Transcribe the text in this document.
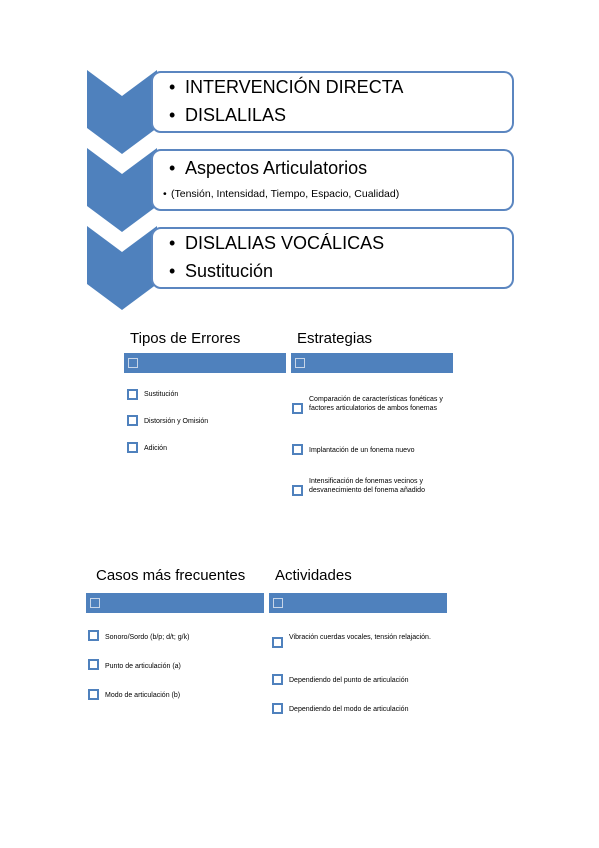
• INTERVENCIÓN DIRECTA
• DISLALILAS
• Aspectos Articulatorios
• (Tensión, Intensidad, Tiempo, Espacio, Cualidad)
• DISLALIAS VOCÁLICAS
• Sustitución
Tipos de Errores
Sustitución
Distorsión y Omisión
Adición
Estrategias
Comparación de características fonéticas y factores articulatorios de ambos fonemas
Implantación de un fonema nuevo
Intensificación de fonemas vecinos y desvanecimiento del fonema añadido
Casos más frecuentes
Sonoro/Sordo (b/p; d/t; g/k)
Punto de articulación (a)
Modo de articulación (b)
Actividades
Vibración cuerdas vocales, tensión relajación.
Dependiendo del punto de articulación
Dependiendo del modo de articulación
